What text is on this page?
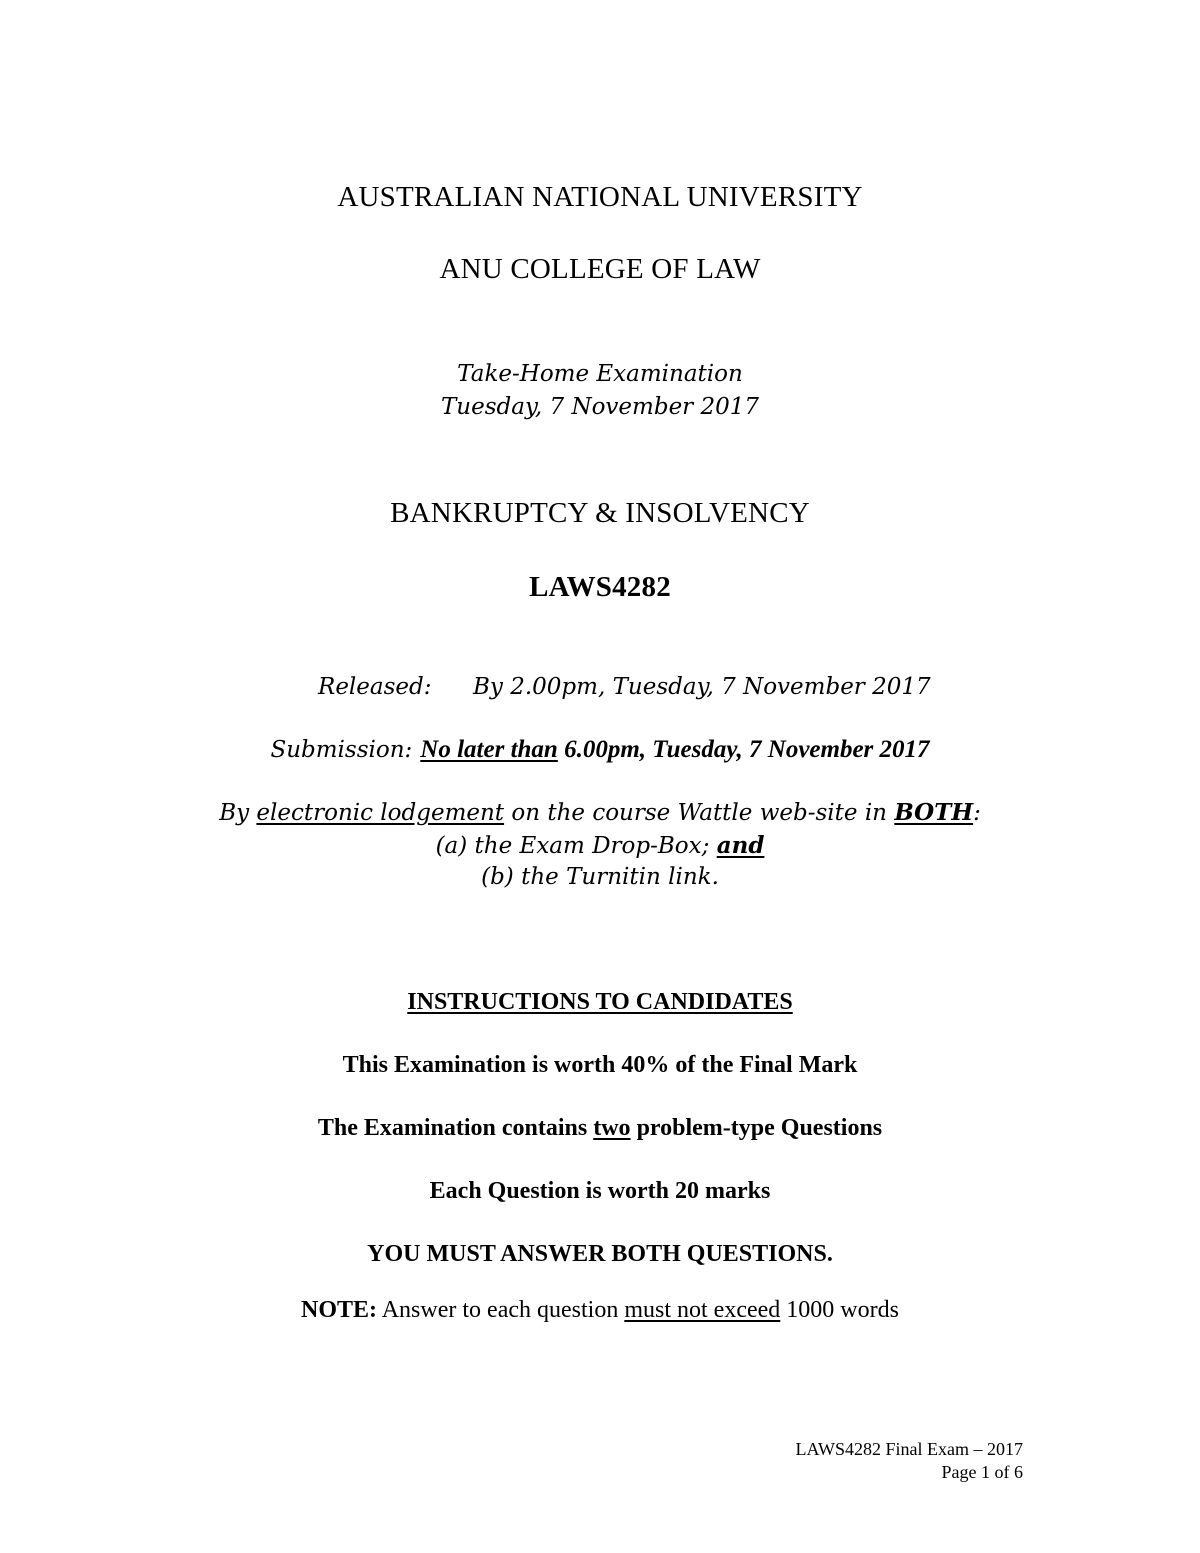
AUSTRALIAN NATIONAL UNIVERSITY
ANU COLLEGE OF LAW
Take-Home Examination
Tuesday, 7 November 2017
BANKRUPTCY & INSOLVENCY
LAWS4282
Released: By 2.00pm, Tuesday, 7 November 2017
Submission: No later than 6.00pm, Tuesday, 7 November 2017
By electronic lodgement on the course Wattle web-site in BOTH:
(a) the Exam Drop-Box; and
(b) the Turnitin link.
INSTRUCTIONS TO CANDIDATES
This Examination is worth 40% of the Final Mark
The Examination contains two problem-type Questions
Each Question is worth 20 marks
YOU MUST ANSWER BOTH QUESTIONS.
NOTE: Answer to each question must not exceed 1000 words
LAWS4282 Final Exam – 2017
Page 1 of 6
